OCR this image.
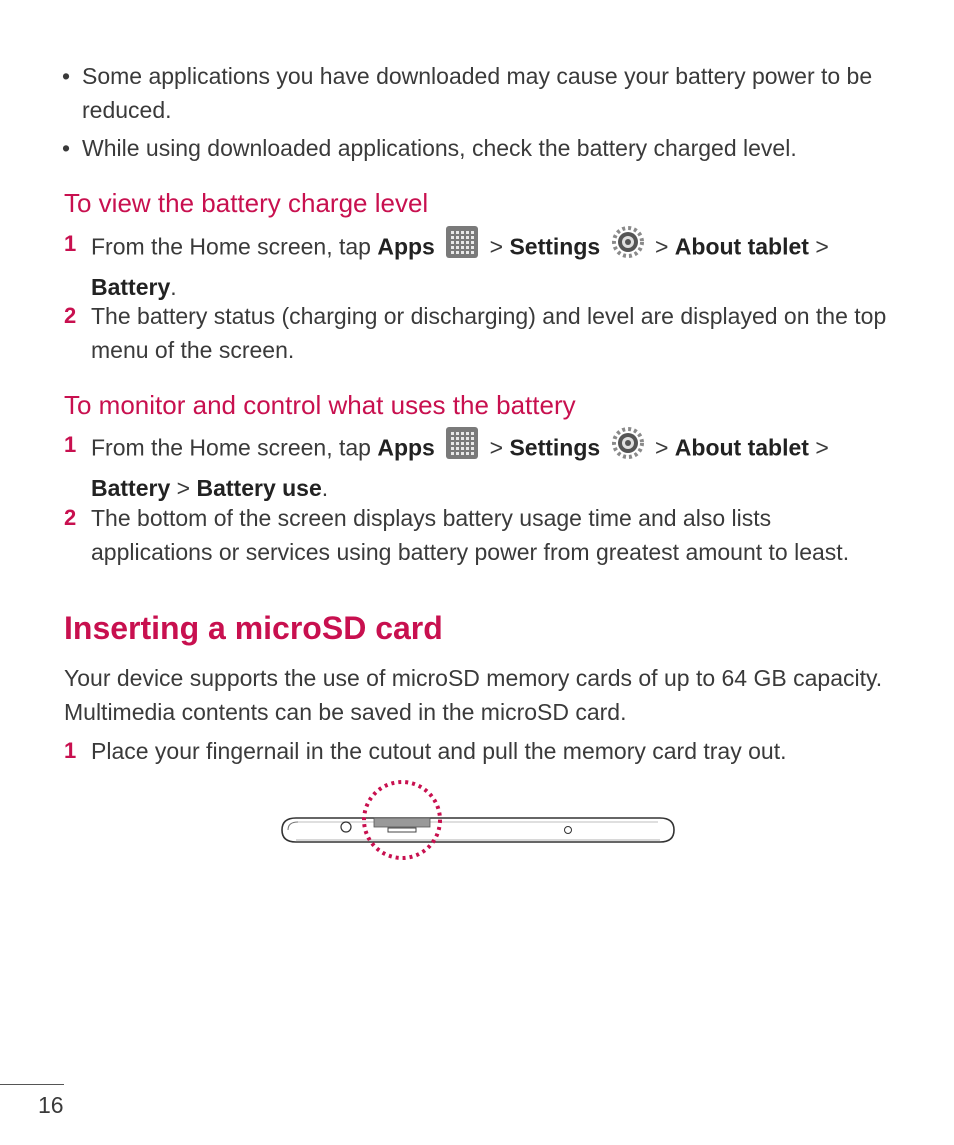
• Some applications you have downloaded may cause your battery power to be reduced.
• While using downloaded applications, check the battery charged level.
To view the battery charge level
1 From the Home screen, tap Apps > Settings > About tablet >
Battery.
2 The battery status (charging or discharging) and level are displayed on the top menu of the screen.
To monitor and control what uses the battery
1 From the Home screen, tap Apps > Settings > About tablet >
Battery > Battery use.
2 The bottom of the screen displays battery usage time and also lists applications or services using battery power from greatest amount to least.
Inserting a microSD card
Your device supports the use of microSD memory cards of up to 64 GB capacity. Multimedia contents can be saved in the microSD card.
1 Place your fingernail in the cutout and pull the memory card tray out.
16
